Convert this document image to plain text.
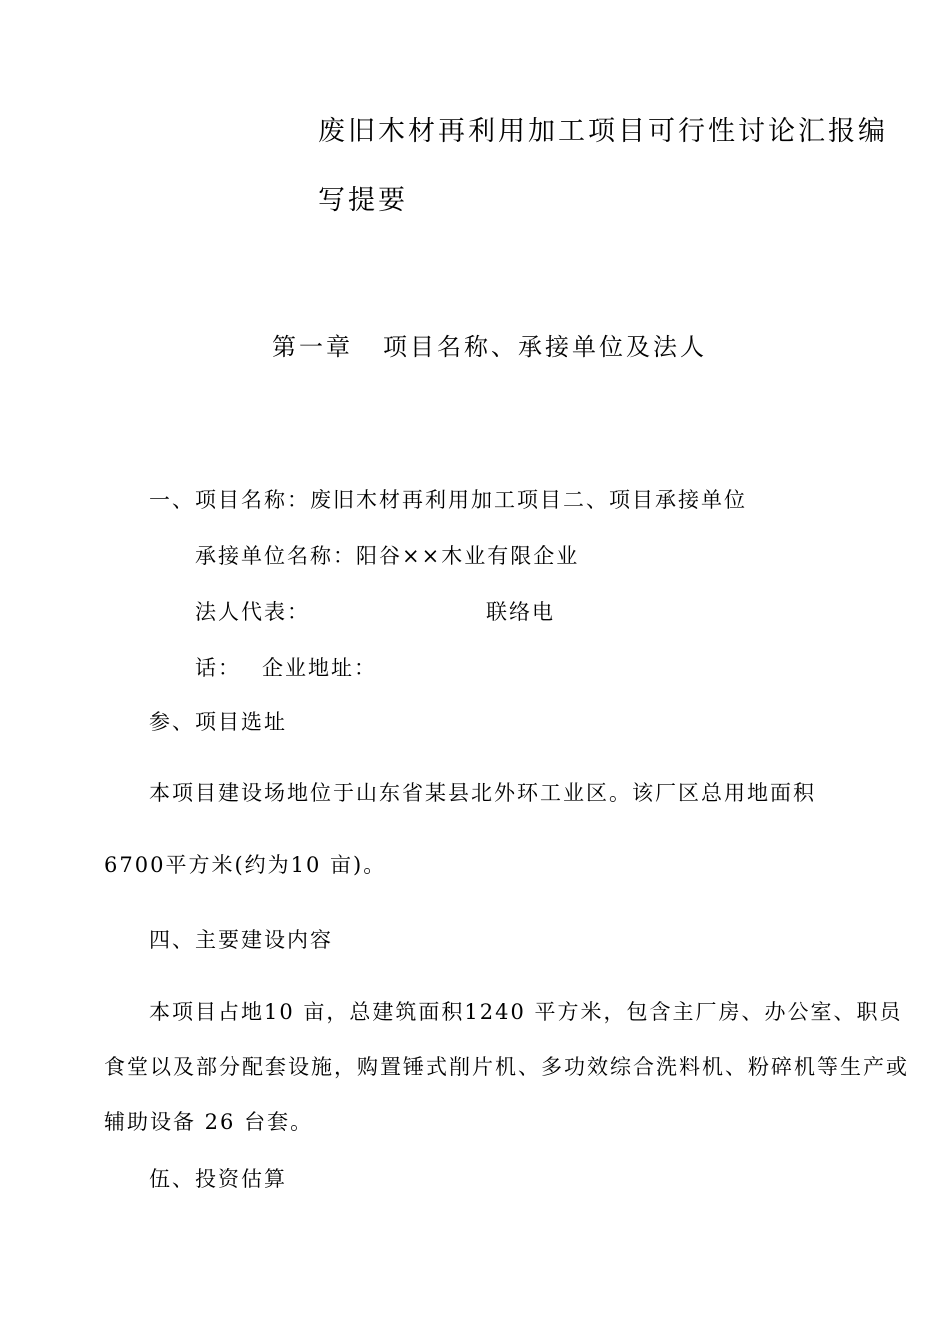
废旧木材再利用加工项目可行性讨论汇报编
写提要
第一章 项目名称、承接单位及法人
一、项目名称：废旧木材再利用加工项目二、项目承接单位
承接单位名称：阳谷××木业有限企业
法人代表：	联络电
话： 企业地址：
参、项目选址
本项目建设场地位于山东省某县北外环工业区。该厂区总用地面积
6700平方米(约为10 亩)。
四、主要建设内容
本项目占地10 亩，总建筑面积1240 平方米，包含主厂房、办公室、职员
食堂以及部分配套设施，购置锤式削片机、多功效综合洗料机、粉碎机等生产或
辅助设备 26 台套。
伍、投资估算
